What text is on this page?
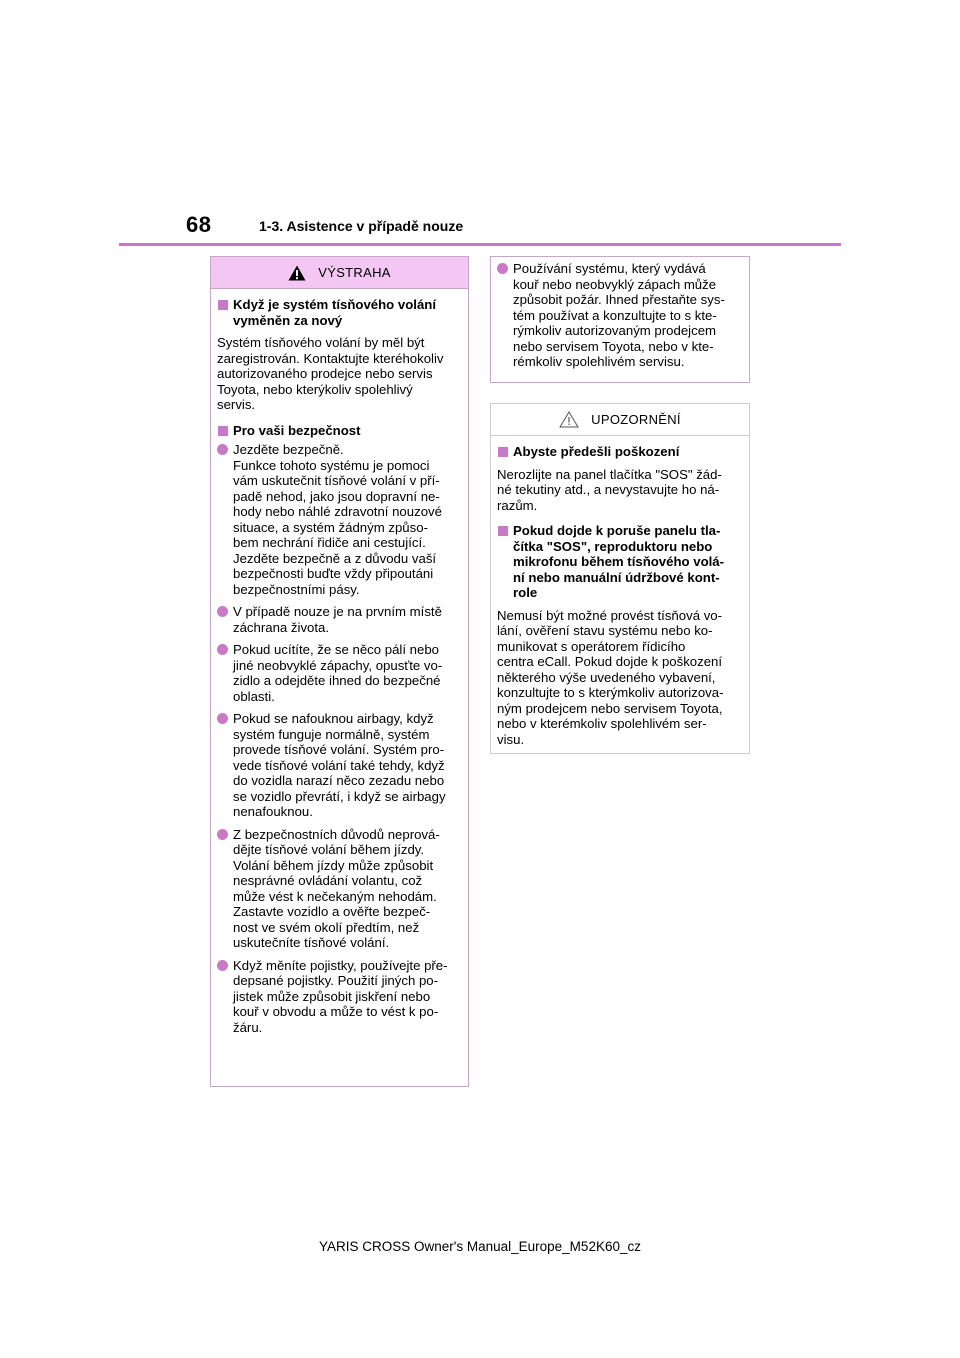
68	1-3. Asistence v případě nouze
VÝSTRAHA
Když je systém tísňového volání
vyměněn za nový
Systém tísňového volání by měl být
zaregistrován. Kontaktujte kteréhokoliv
autorizovaného prodejce nebo servis
Toyota, nebo kterýkoliv spolehlivý
servis.
Pro vaši bezpečnost
Jezděte bezpečně.
Funkce tohoto systému je pomoci
vám uskutečnit tísňové volání v pří-
padě nehod, jako jsou dopravní ne-
hody nebo náhlé zdravotní nouzové
situace, a systém žádným způso-
bem nechrání řidiče ani cestující.
Jezděte bezpečně a z důvodu vaší
bezpečnosti buďte vždy připoutáni
bezpečnostními pásy.
V případě nouze je na prvním místě
záchrana života.
Pokud ucítíte, že se něco pálí nebo
jiné neobvyklé zápachy, opusťte vo-
zidlo a odejděte ihned do bezpečné
oblasti.
Pokud se nafouknou airbagy, když
systém funguje normálně, systém
provede tísňové volání. Systém pro-
vede tísňové volání také tehdy, když
do vozidla narazí něco zezadu nebo
se vozidlo převrátí, i když se airbagy
nenafouknou.
Z bezpečnostních důvodů neprová-
dějte tísňové volání během jízdy.
Volání během jízdy může způsobit
nesprávné ovládání volantu, což
může vést k nečekaným nehodám.
Zastavte vozidlo a ověřte bezpeč-
nost ve svém okolí předtím, než
uskutečníte tísňové volání.
Když měníte pojistky, používejte pře-
depsané pojistky. Použití jiných po-
jistek může způsobit jiskření nebo
kouř v obvodu a může to vést k po-
žáru.
Používání systému, který vydává
kouř nebo neobvyklý zápach může
způsobit požár. Ihned přestaňte sys-
tém používat a konzultujte to s kte-
rýmkoliv autorizovaným prodejcem
nebo servisem Toyota, nebo v kte-
rémkoliv spolehlivém servisu.
UPOZORNĚNÍ
Abyste předešli poškození
Nerozlijte na panel tlačítka "SOS" žád-
né tekutiny atd., a nevystavujte ho ná-
razům.
Pokud dojde k poruše panelu tla-
čítka "SOS", reproduktoru nebo
mikrofonu během tísňového volá-
ní nebo manuální údržbové kont-
role
Nemusí být možné provést tísňová vo-
lání, ověření stavu systému nebo ko-
munikovat s operátorem řídicího
centra eCall. Pokud dojde k poškození
některého výše uvedeného vybavení,
konzultujte to s kterýmkoliv autorizova-
ným prodejcem nebo servisem Toyota,
nebo v kterémkoliv spolehlivém ser-
visu.
YARIS CROSS Owner's Manual_Europe_M52K60_cz
